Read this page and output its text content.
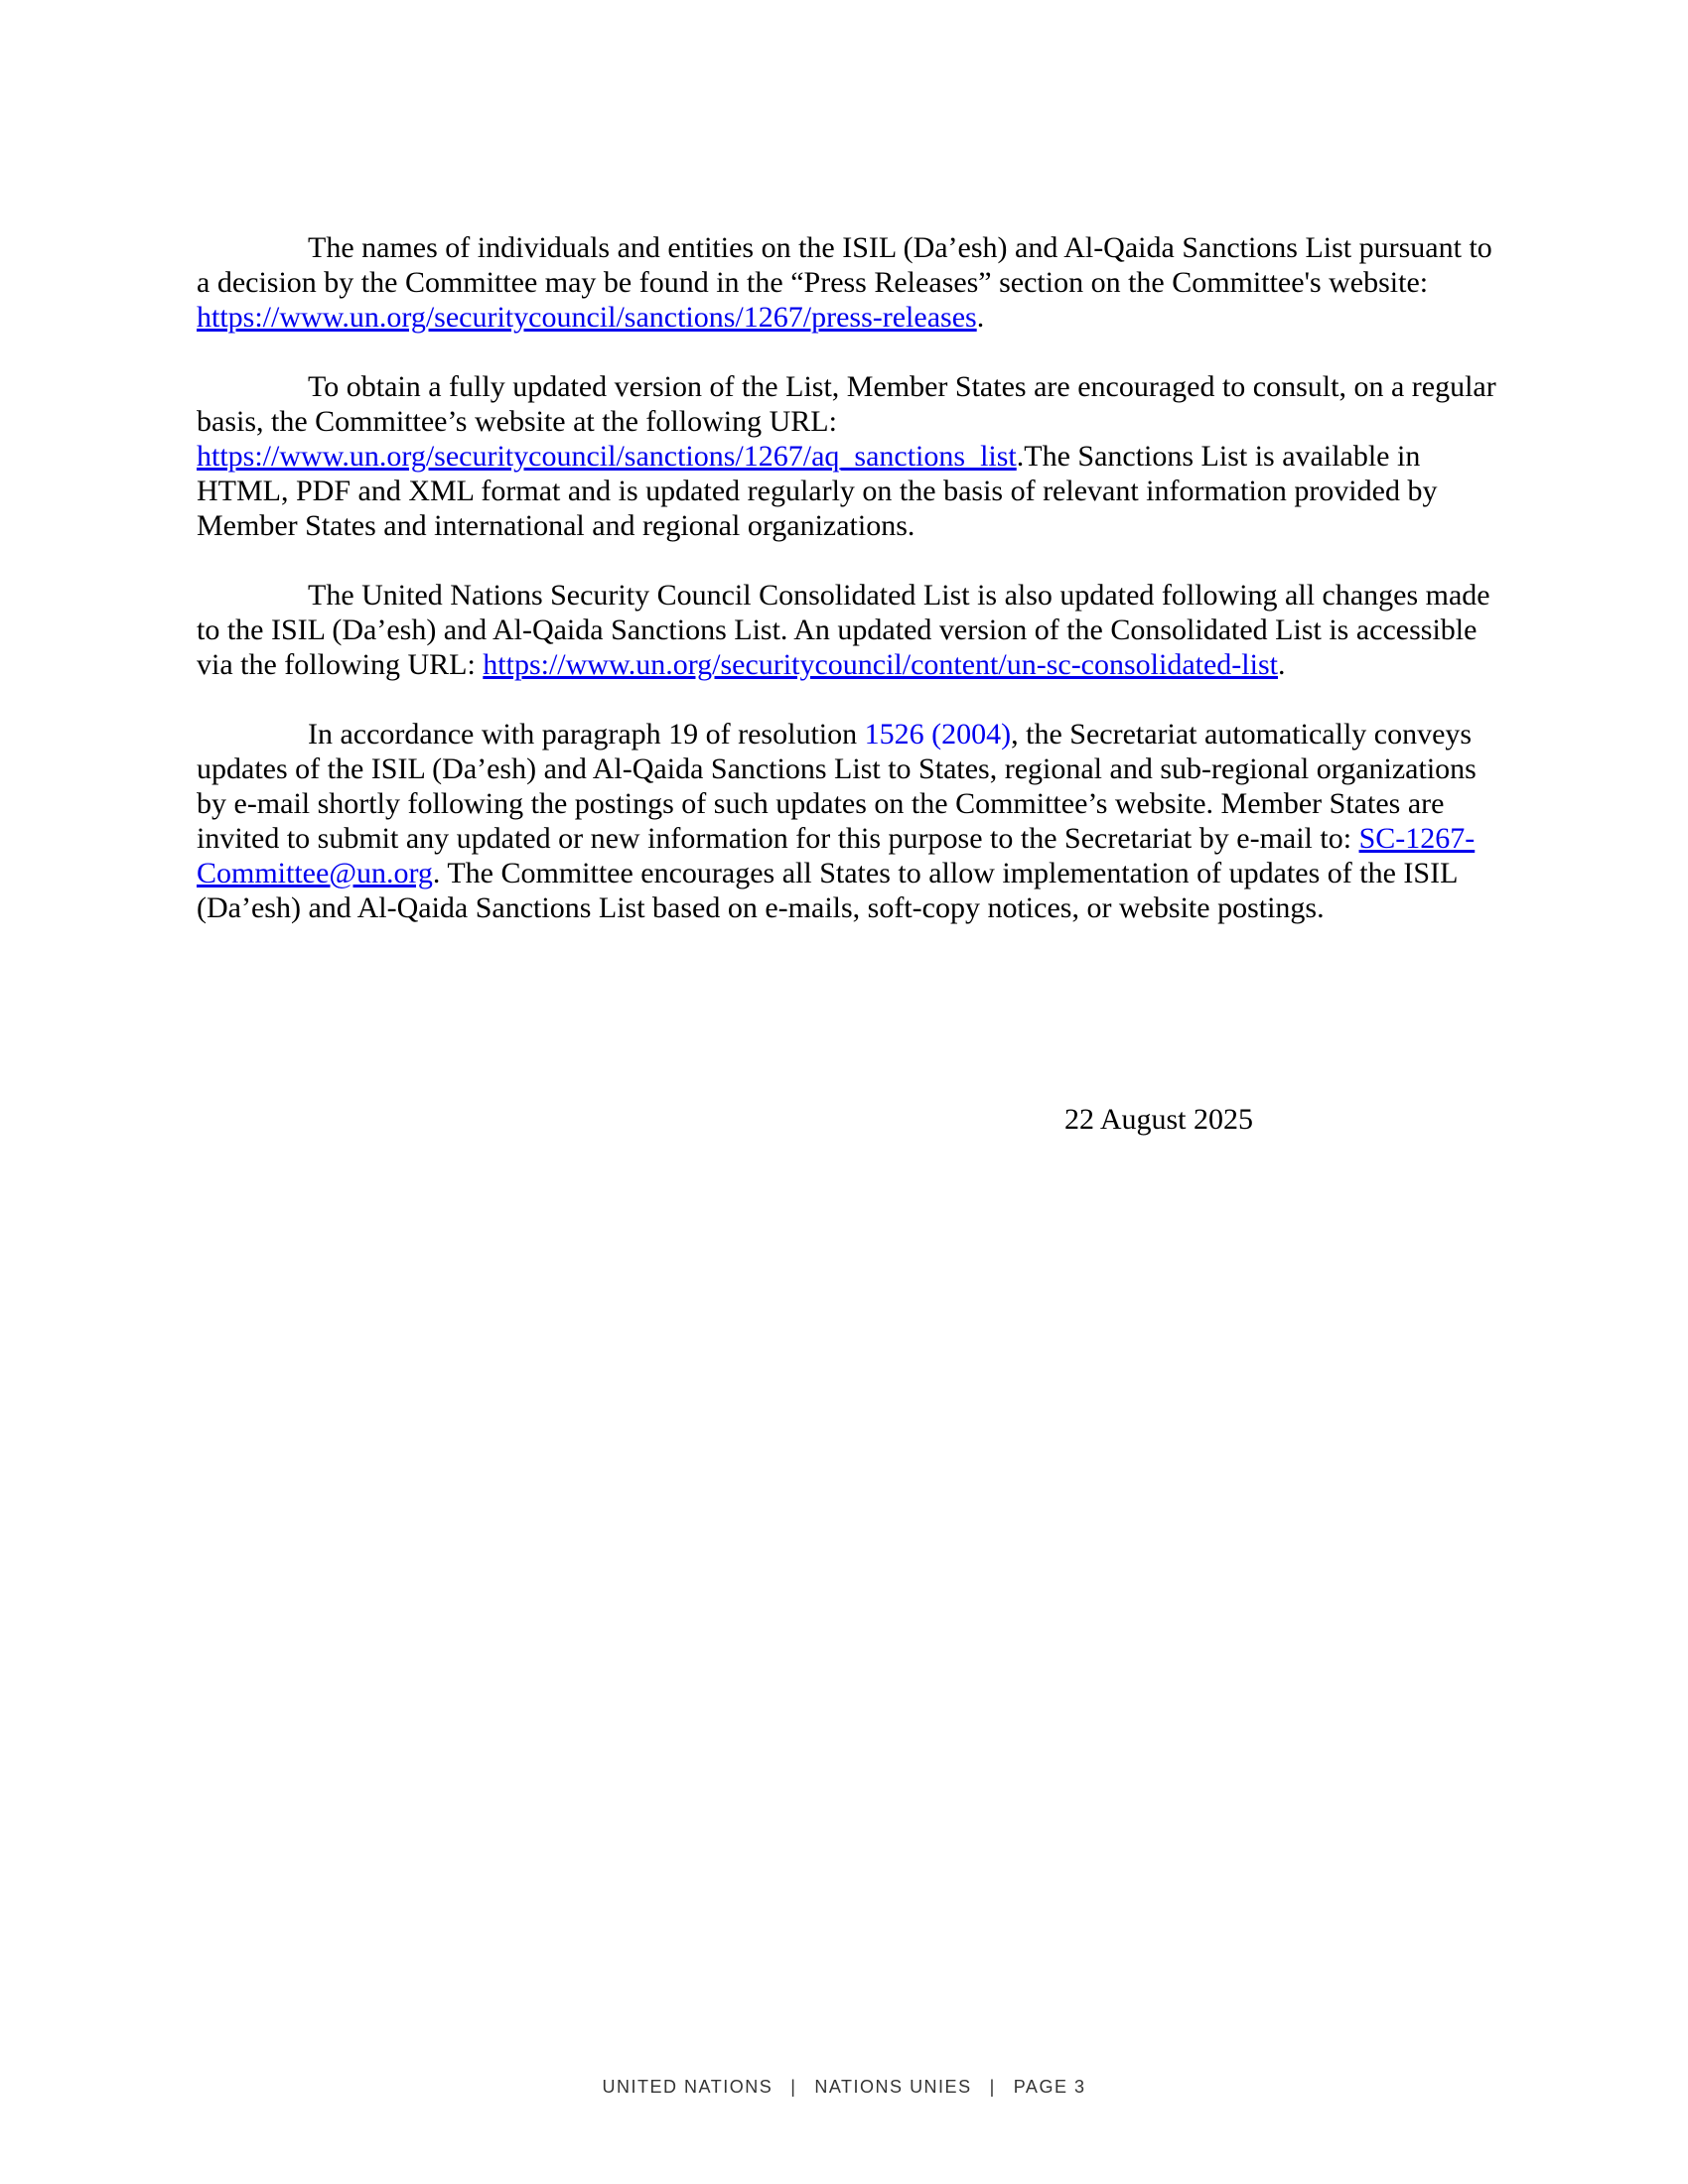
The names of individuals and entities on the ISIL (Da’esh) and Al-Qaida Sanctions List pursuant to a decision by the Committee may be found in the “Press Releases” section on the Committee's website: https://www.un.org/securitycouncil/sanctions/1267/press-releases.

To obtain a fully updated version of the List, Member States are encouraged to consult, on a regular basis, the Committee’s website at the following URL: https://www.un.org/securitycouncil/sanctions/1267/aq_sanctions_list.The Sanctions List is available in HTML, PDF and XML format and is updated regularly on the basis of relevant information provided by Member States and international and regional organizations.

The United Nations Security Council Consolidated List is also updated following all changes made to the ISIL (Da’esh) and Al-Qaida Sanctions List. An updated version of the Consolidated List is accessible via the following URL: https://www.un.org/securitycouncil/content/un-sc-consolidated-list.

In accordance with paragraph 19 of resolution 1526 (2004), the Secretariat automatically conveys updates of the ISIL (Da’esh) and Al-Qaida Sanctions List to States, regional and sub-regional organizations by e-mail shortly following the postings of such updates on the Committee’s website. Member States are invited to submit any updated or new information for this purpose to the Secretariat by e-mail to: SC-1267-Committee@un.org. The Committee encourages all States to allow implementation of updates of the ISIL (Da’esh) and Al-Qaida Sanctions List based on e-mails, soft-copy notices, or website postings.

22 August 2025
UNITED NATIONS | NATIONS UNIES | PAGE 3
